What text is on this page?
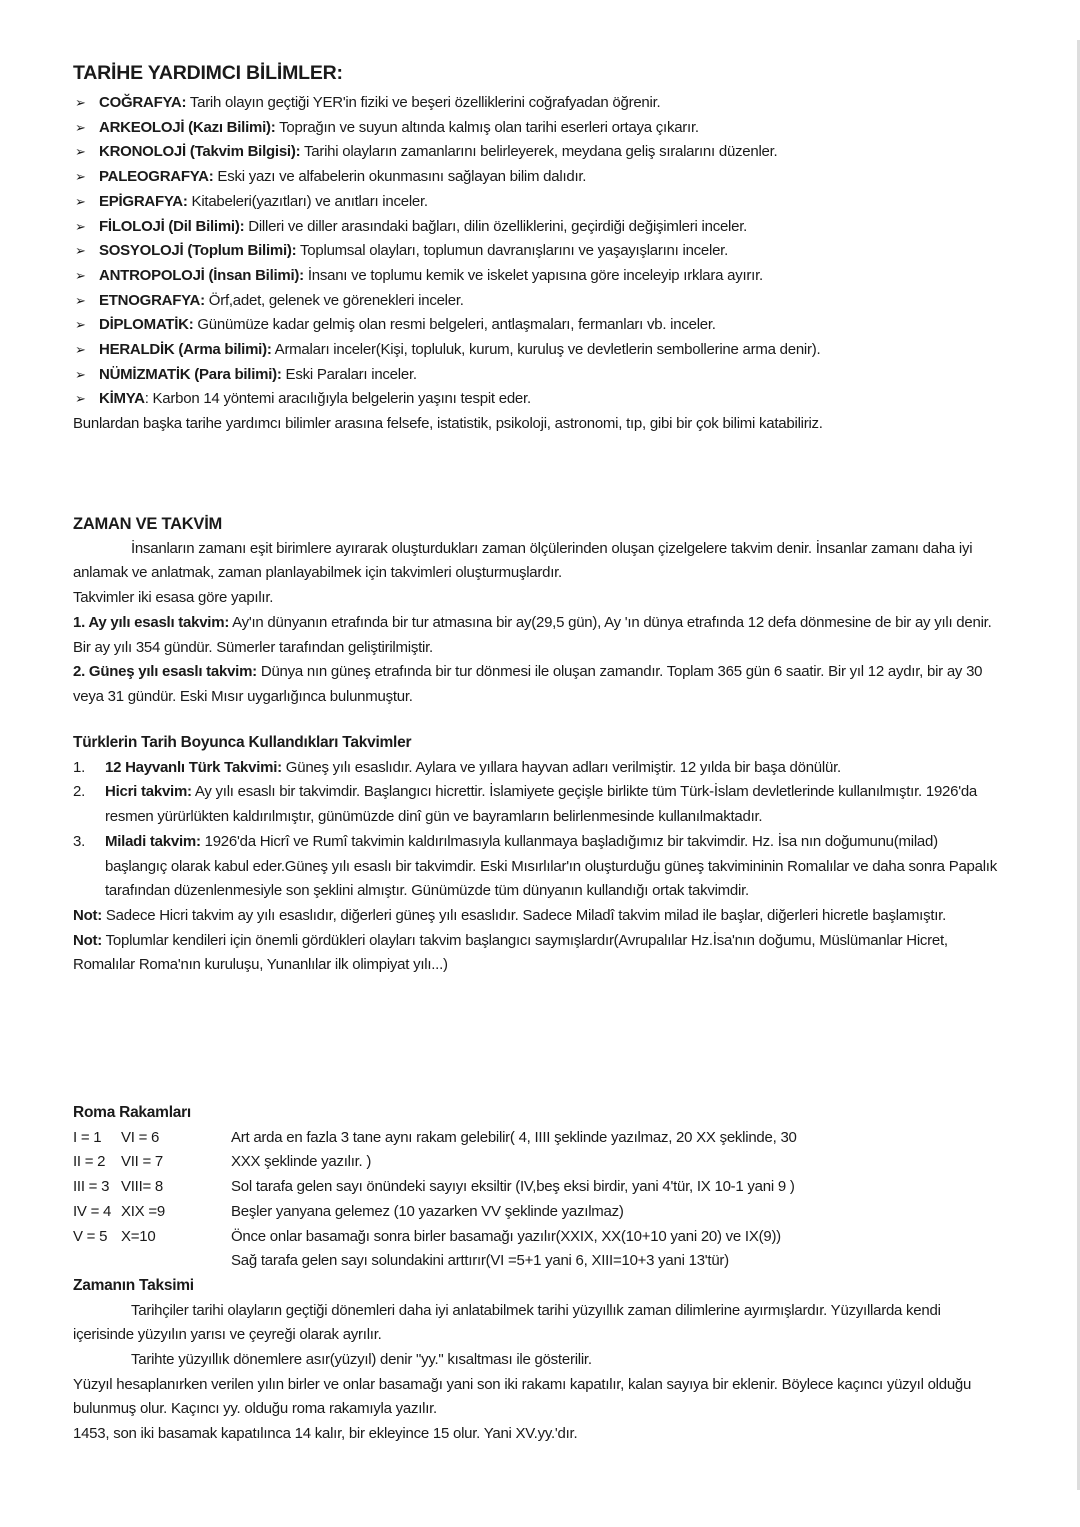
TARİHE YARDIMCI BİLİMLER:
➢ COĞRAFYA: Tarih olayın geçtiği YER'in fiziki ve beşeri özelliklerini coğrafyadan öğrenir.
➢ ARKEOLOJİ (Kazı Bilimi): Toprağın ve suyun altında kalmış olan tarihi eserleri ortaya çıkarır.
➢ KRONOLOJİ (Takvim Bilgisi): Tarihi olayların zamanlarını belirleyerek, meydana geliş sıralarını düzenler.
➢ PALEOGRAFYA: Eski yazı ve alfabelerin okunmasını sağlayan bilim dalıdır.
➢ EPİGRAFYA: Kitabeleri(yazıtları) ve anıtları inceler.
➢ FİLOLOJİ (Dil Bilimi): Dilleri ve diller arasındaki bağları, dilin özelliklerini, geçirdiği değişimleri inceler.
➢ SOSYOLOJİ (Toplum Bilimi): Toplumsal olayları, toplumun davranışlarını ve yaşayışlarını inceler.
➢ ANTROPOLOJİ (İnsan Bilimi): İnsanı ve toplumu kemik ve iskelet yapısına göre inceleyip ırklara ayırır.
➢ ETNOGRAFYA: Örf,adet, gelenek ve görenekleri inceler.
➢ DİPLOMATİK: Günümüze kadar gelmiş olan resmi belgeleri, antlaşmaları, fermanları vb. inceler.
➢ HERALDİK (Arma bilimi): Armaları inceler(Kişi, topluluk, kurum, kuruluş ve devletlerin sembollerine arma denir).
➢ NÜMİZMATİK (Para bilimi): Eski Paraları inceler.
➢ KİMYA: Karbon 14 yöntemi aracılığıyla belgelerin yaşını tespit eder.
Bunlardan başka tarihe yardımcı bilimler arasına felsefe, istatistik, psikoloji, astronomi, tıp, gibi bir çok bilimi katabiliriz.
ZAMAN VE TAKVİM
İnsanların zamanı eşit birimlere ayırarak oluşturdukları zaman ölçülerinden oluşan çizelgelere takvim denir. İnsanlar zamanı daha iyi anlamak ve anlatmak, zaman planlayabilmek için takvimleri oluşturmuşlardır.
Takvimler iki esasa göre yapılır.
1. Ay yılı esaslı takvim: Ay'ın dünyanın etrafında bir tur atmasına bir ay(29,5 gün), Ay 'ın dünya etrafında 12 defa dönmesine de bir ay yılı denir. Bir ay yılı 354 gündür. Sümerler tarafından geliştirilmiştir.
2. Güneş yılı esaslı takvim: Dünya nın güneş etrafında bir tur dönmesi ile oluşan zamandır. Toplam 365 gün 6 saatir. Bir yıl 12 aydır, bir ay 30 veya 31 gündür. Eski Mısır uygarlığınca bulunmuştur.
Türklerin Tarih Boyunca Kullandıkları Takvimler
1. 12 Hayvanlı Türk Takvimi: Güneş yılı esaslıdır. Aylara ve yıllara hayvan adları verilmiştir. 12 yılda bir başa dönülür.
2. Hicri takvim: Ay yılı esaslı bir takvimdir. Başlangıcı hicrettir. İslamiyete geçişle birlikte tüm Türk-İslam devletlerinde kullanılmıştır. 1926'da resmen yürürlükten kaldırılmıştır, günümüzde dinî gün ve bayramların belirlenmesinde kullanılmaktadır.
3. Miladi takvim: 1926'da Hicrî ve Rumî takvimin kaldırılmasıyla kullanmaya başladığımız bir takvimdir. Hz. İsa nın doğumunu(milad) başlangıç olarak kabul eder.Güneş yılı esaslı bir takvimdir. Eski Mısırlılar'ın oluşturduğu güneş takvimininin Romalılar ve daha sonra Papalık tarafından düzenlenmesiyle son şeklini almıştır. Günümüzde tüm dünyanın kullandığı ortak takvimdir.
Not: Sadece Hicri takvim ay yılı esaslıdır, diğerleri güneş yılı esaslıdır. Sadece Miladî takvim milad ile başlar, diğerleri hicretle başlamıştır.
Not: Toplumlar kendileri için önemli gördükleri olayları takvim başlangıcı saymışlardır(Avrupalılar Hz.İsa'nın doğumu, Müslümanlar Hicret, Romalılar Roma'nın kuruluşu, Yunanlılar ilk olimpiyat yılı...)
Roma Rakamları
I = 1	VI = 6	Art arda en fazla 3 tane aynı rakam gelebilir( 4, IIII şeklinde yazılmaz, 20 XX şeklinde, 30
II = 2	VII = 7	XXX şeklinde yazılır. )
III = 3 VIII= 8	Sol tarafa gelen sayı önündeki sayıyı eksiltir (IV,beş eksi birdir, yani 4'tür, IX 10-1 yani 9 )
IV = 4 XIX =9	Beşler yanyana gelemez (10 yazarken VV şeklinde yazılmaz)
V = 5 X=10	Önce onlar basamağı sonra birler basamağı yazılır(XXIX, XX(10+10 yani 20) ve IX(9))
Sağ tarafa gelen sayı solundakini arttırır(VI =5+1 yani 6, XIII=10+3 yani 13'tür)
Zamanın Taksimi
Tarihçiler tarihi olayların geçtiği dönemleri daha iyi anlatabilmek tarihi yüzyıllık zaman dilimlerine ayırmışlardır. Yüzyıllarda kendi içerisinde yüzyılın yarısı ve çeyreği olarak ayrılır.
Tarihte yüzyıllık dönemlere asır(yüzyıl) denir "yy." kısaltması ile gösterilir.
Yüzyıl hesaplanırken verilen yılın birler ve onlar basamağı yani son iki rakamı kapatılır, kalan sayıya bir eklenir. Böylece kaçıncı yüzyıl olduğu bulunmuş olur. Kaçıncı yy. olduğu roma rakamıyla yazılır.
1453, son iki basamak kapatılınca 14 kalır, bir ekleyince 15 olur. Yani XV.yy.'dır.
